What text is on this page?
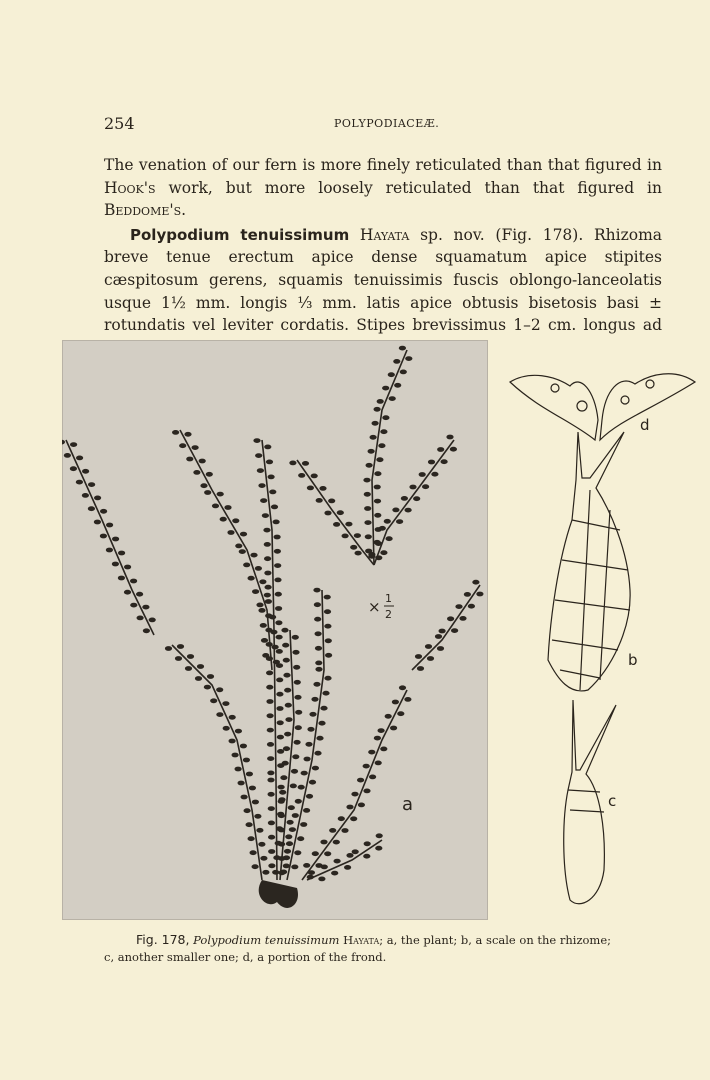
254	POLYPODIACEÆ.

The venation of our fern is more finely reticulated than that figured in Hook's work, but more loosely reticulated than that figured in Beddome's.

Polypodium tenuissimum Hayata sp. nov. (Fig. 178). Rhizoma breve tenue erectum apice dense squamatum apice stipites cæspitosum gerens, squamis tenuissimis fuscis oblongo-lanceolatis usque 1½ mm. longis ⅓ mm. latis apice obtusis bisetosis basi ± rotundatis vel leviter cordatis. Stipes brevissimus 1–2 cm. longus ad

× 1
2
a
d
b
c
Fig. 178, Polypodium tenuissimum Hayata; a, the plant; b, a scale on the rhizome;
c, another smaller one; d, a portion of the frond.
